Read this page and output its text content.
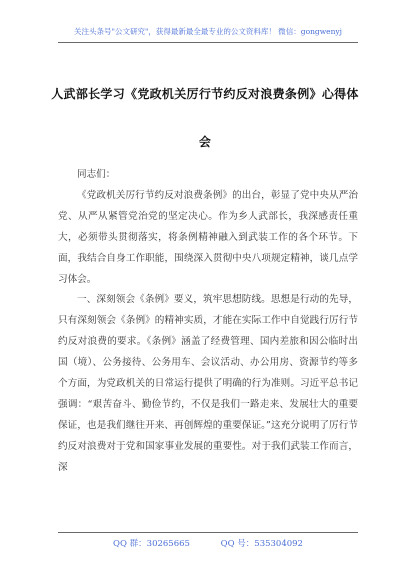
关注头条号"公文研究"，获得最新最全最专业的公文资料库！ 微信：gongwenyj
人武部长学习《党政机关厉行节约反对浪费条例》心得体
会

同志们：

《党政机关厉行节约反对浪费条例》的出台，彰显了党中央从严治党、从严从紧管党治党的坚定决心。作为乡人武部长，我深感责任重大，必须带头贯彻落实，将条例精神融入到武装工作的各个环节。下面，我结合自身工作职能，围绕深入贯彻中央八项规定精神，谈几点学习体会。

一、深刻领会《条例》要义，筑牢思想防线。思想是行动的先导，只有深刻领会《条例》的精神实质，才能在实际工作中自觉践行厉行节约反对浪费的要求。《条例》涵盖了经费管理、国内差旅和因公临时出国（境）、公务接待、公务用车、会议活动、办公用房、资源节约等多个方面，为党政机关的日常运行提供了明确的行为准则。习近平总书记强调：“艰苦奋斗、勤俭节约，不仅是我们一路走来、发展壮大的重要保证，也是我们继往开来、再创辉煌的重要保证。”这充分说明了厉行节约反对浪费对于党和国家事业发展的重要性。对于我们武装工作而言，深

QQ 群：30265665	QQ 号：535304092
